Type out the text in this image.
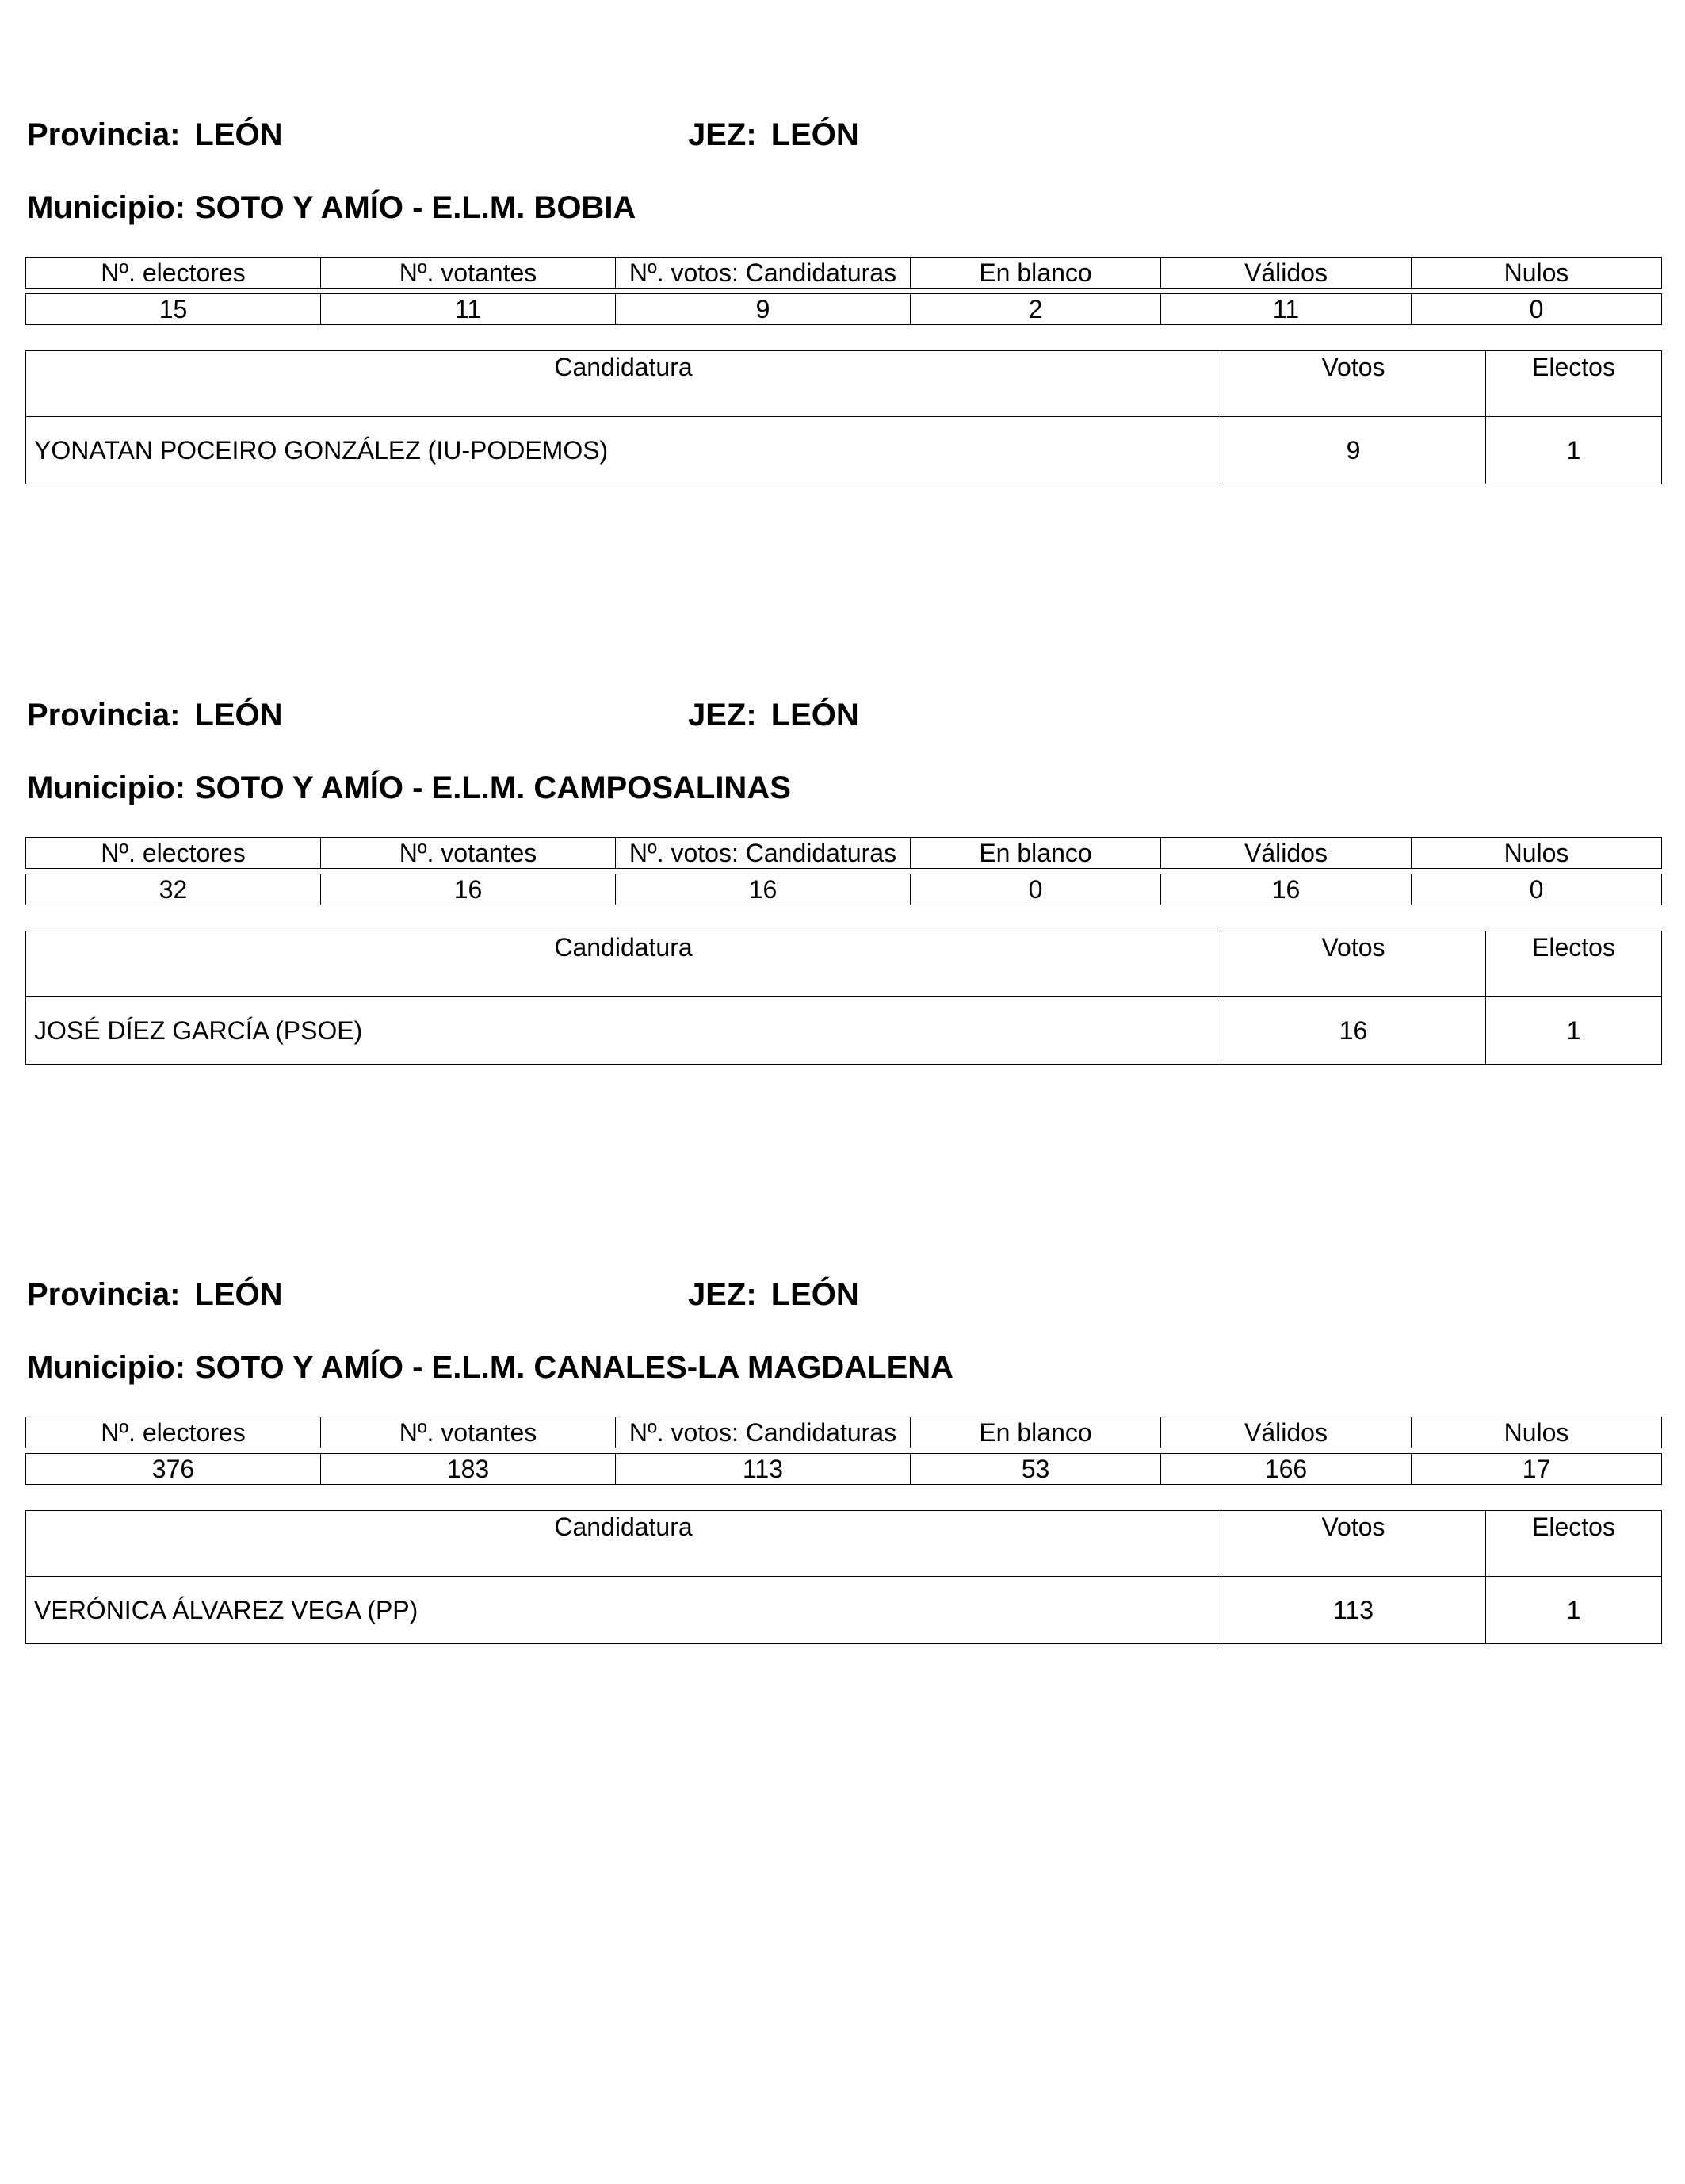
Provincia: LEÓN	JEZ: LEÓN
Municipio: SOTO Y AMÍO - E.L.M. BOBIA
Nº. electores	Nº. votantes	Nº. votos: Candidaturas	En blanco	Válidos	Nulos

15	11	9	2	11	0
Candidatura	Votos	Electos
YONATAN POCEIRO GONZÁLEZ (IU-PODEMOS)	9	1
Provincia: LEÓN	JEZ: LEÓN
Municipio: SOTO Y AMÍO - E.L.M. CAMPOSALINAS
Nº. electores	Nº. votantes	Nº. votos: Candidaturas	En blanco	Válidos	Nulos

32	16	16	0	16	0
Candidatura	Votos	Electos
JOSÉ DÍEZ GARCÍA (PSOE)	16	1
Provincia: LEÓN	JEZ: LEÓN
Municipio: SOTO Y AMÍO - E.L.M. CANALES-LA MAGDALENA
Nº. electores	Nº. votantes	Nº. votos: Candidaturas	En blanco	Válidos	Nulos

376	183	113	53	166	17
Candidatura	Votos	Electos
VERÓNICA ÁLVAREZ VEGA (PP)	113	1
